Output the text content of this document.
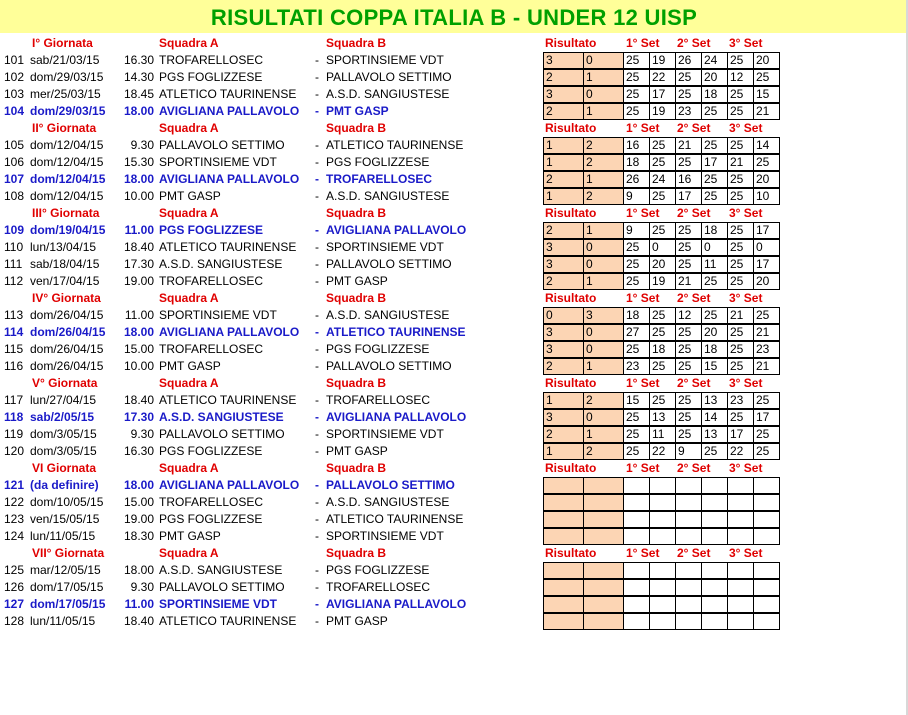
RISULTATI COPPA ITALIA B - UNDER 12 UISP
I° Giornata	Squadra A	Squadra B	Risultato 1° Set 2° Set 3° Set
101 sab/21/03/15	16.30 TROFARELLOSEC	- SPORTINSIEME VDT	3	0	25	19	26	24	25	20
102 dom/29/03/15	14.30 PGS FOGLIZZESE	- PALLAVOLO SETTIMO	2	1	25	22	25	20	12	25
103 mer/25/03/15	18.45 ATLETICO TAURINENSE - A.S.D. SANGIUSTESE	3	0	25	17	25	18	25	15
104 dom/29/03/15	18.00 AVIGLIANA PALLAVOLO - PMT GASP	2	1	25	19	23	25	25	21
II° Giornata	Squadra A	Squadra B	Risultato 1° Set 2° Set 3° Set
105 dom/12/04/15	9.30 PALLAVOLO SETTIMO	- ATLETICO TAURINENSE	1	2	16	25	21	25	25	14
106 dom/12/04/15	15.30 SPORTINSIEME VDT	- PGS FOGLIZZESE	1	2	18	25	25	17	21	25
107 dom/12/04/15	18.00 AVIGLIANA PALLAVOLO - TROFARELLOSEC	2	1	26	24	16	25	25	20
108 dom/12/04/15	10.00 PMT GASP	- A.S.D. SANGIUSTESE	1	2	9	25	17	25	25	10
III° Giornata	Squadra A	Squadra B	Risultato 1° Set 2° Set 3° Set
109 dom/19/04/15	11.00 PGS FOGLIZZESE	- AVIGLIANA PALLAVOLO	2	1	9	25	25	18	25	17
110 lun/13/04/15	18.40 ATLETICO TAURINENSE - SPORTINSIEME VDT	3	0	25	0	25	0	25	0
111 sab/18/04/15	17.30 A.S.D. SANGIUSTESE	- PALLAVOLO SETTIMO	3	0	25	20	25	11	25	17
112 ven/17/04/15	19.00 TROFARELLOSEC	- PMT GASP	2	1	25	19	21	25	25	20
IV° Giornata	Squadra A	Squadra B	Risultato 1° Set 2° Set 3° Set
113 dom/26/04/15	11.00 SPORTINSIEME VDT	- A.S.D. SANGIUSTESE	0	3	18	25	12	25	21	25
114 dom/26/04/15	18.00 AVIGLIANA PALLAVOLO - ATLETICO TAURINENSE	3	0	27	25	25	20	25	21
115 dom/26/04/15	15.00 TROFARELLOSEC	- PGS FOGLIZZESE	3	0	25	18	25	18	25	23
116 dom/26/04/15	10.00 PMT GASP	- PALLAVOLO SETTIMO	2	1	23	25	25	15	25	21
V° Giornata	Squadra A	Squadra B	Risultato 1° Set 2° Set 3° Set
117 lun/27/04/15	18.40 ATLETICO TAURINENSE - TROFARELLOSEC	1	2	15	25	25	13	23	25
118 sab/2/05/15	17.30 A.S.D. SANGIUSTESE	- AVIGLIANA PALLAVOLO	3	0	25	13	25	14	25	17
119 dom/3/05/15	9.30 PALLAVOLO SETTIMO	- SPORTINSIEME VDT	2	1	25	11	25	13	17	25
120 dom/3/05/15	16.30 PGS FOGLIZZESE	- PMT GASP	1	2	25	22	9	25	22	25
VI Giornata	Squadra A	Squadra B	Risultato 1° Set 2° Set 3° Set
121 (da definire)	18.00 AVIGLIANA PALLAVOLO - PALLAVOLO SETTIMO
122 dom/10/05/15	15.00 TROFARELLOSEC	- A.S.D. SANGIUSTESE
123 ven/15/05/15	19.00 PGS FOGLIZZESE	- ATLETICO TAURINENSE
124 lun/11/05/15	18.30 PMT GASP	- SPORTINSIEME VDT
VII° Giornata	Squadra A	Squadra B	Risultato 1° Set 2° Set 3° Set
125 mar/12/05/15	18.00 A.S.D. SANGIUSTESE	- PGS FOGLIZZESE
126 dom/17/05/15	9.30 PALLAVOLO SETTIMO	- TROFARELLOSEC
127 dom/17/05/15	11.00 SPORTINSIEME VDT	- AVIGLIANA PALLAVOLO
128 lun/11/05/15	18.40 ATLETICO TAURINENSE - PMT GASP
